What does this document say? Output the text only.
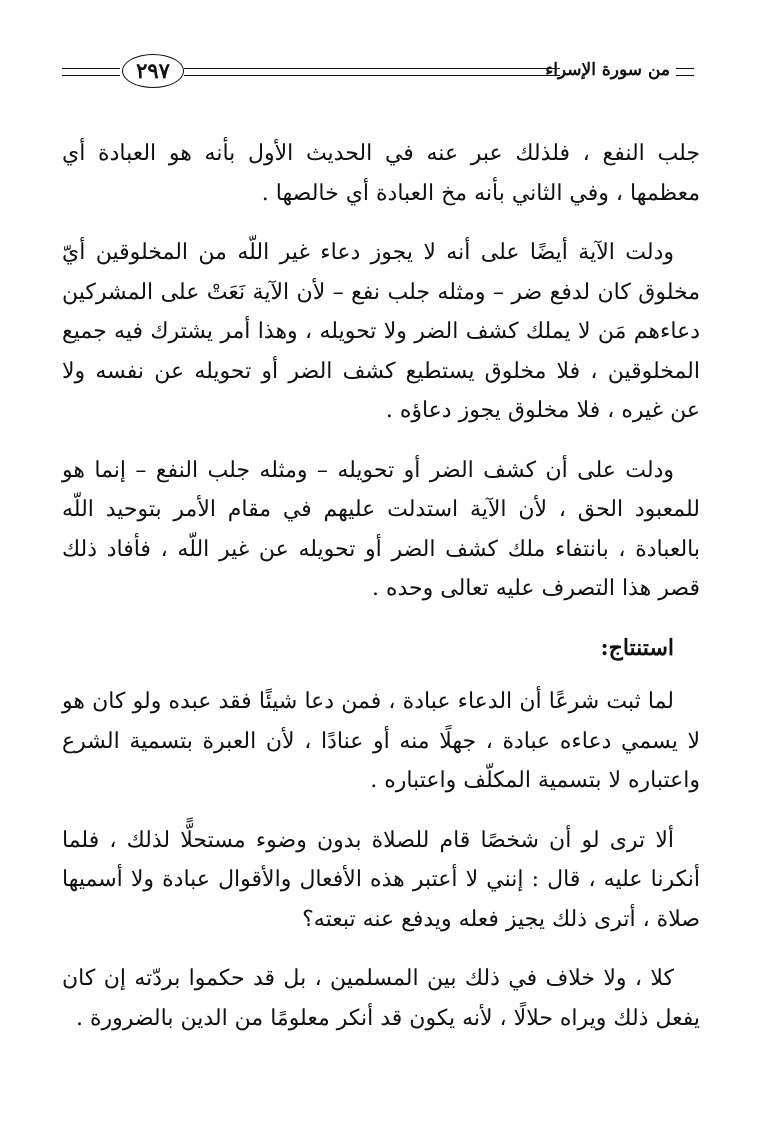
٢٩٧	من سورة الإسراء

جلب النفع ، فلذلك عبر عنه في الحديث الأول بأنه هو العبادة أي معظمها ، وفي الثاني بأنه مخ العبادة أي خالصها .

ودلت الآية أيضًا على أنه لا يجوز دعاء غير اللّه من المخلوقين أيّ مخلوق كان لدفع ضر – ومثله جلب نفع – لأن الآية نَعَتْ على المشركين دعاءهم مَن لا يملك كشف الضر ولا تحويله ، وهذا أمر يشترك فيه جميع المخلوقين ، فلا مخلوق يستطيع كشف الضر أو تحويله عن نفسه ولا عن غيره ، فلا مخلوق يجوز دعاؤه .

ودلت على أن كشف الضر أو تحويله – ومثله جلب النفع – إنما هو للمعبود الحق ، لأن الآية استدلت عليهم في مقام الأمر بتوحيد اللّه بالعبادة ، بانتفاء ملك كشف الضر أو تحويله عن غير اللّه ، فأفاد ذلك قصر هذا التصرف عليه تعالى وحده .

استنتاج:

لما ثبت شرعًا أن الدعاء عبادة ، فمن دعا شيئًا فقد عبده ولو كان هو لا يسمي دعاءه عبادة ، جهلًا منه أو عنادًا ، لأن العبرة بتسمية الشرع واعتباره لا بتسمية المكلّف واعتباره .

ألا ترى لو أن شخصًا قام للصلاة بدون وضوء مستحلًّا لذلك ، فلما أنكرنا عليه ، قال : إنني لا أعتبر هذه الأفعال والأقوال عبادة ولا أسميها صلاة ، أترى ذلك يجيز فعله ويدفع عنه تبعته؟

كلا ، ولا خلاف في ذلك بين المسلمين ، بل قد حكموا بردّته إن كان يفعل ذلك ويراه حلالًا ، لأنه يكون قد أنكر معلومًا من الدين بالضرورة .
